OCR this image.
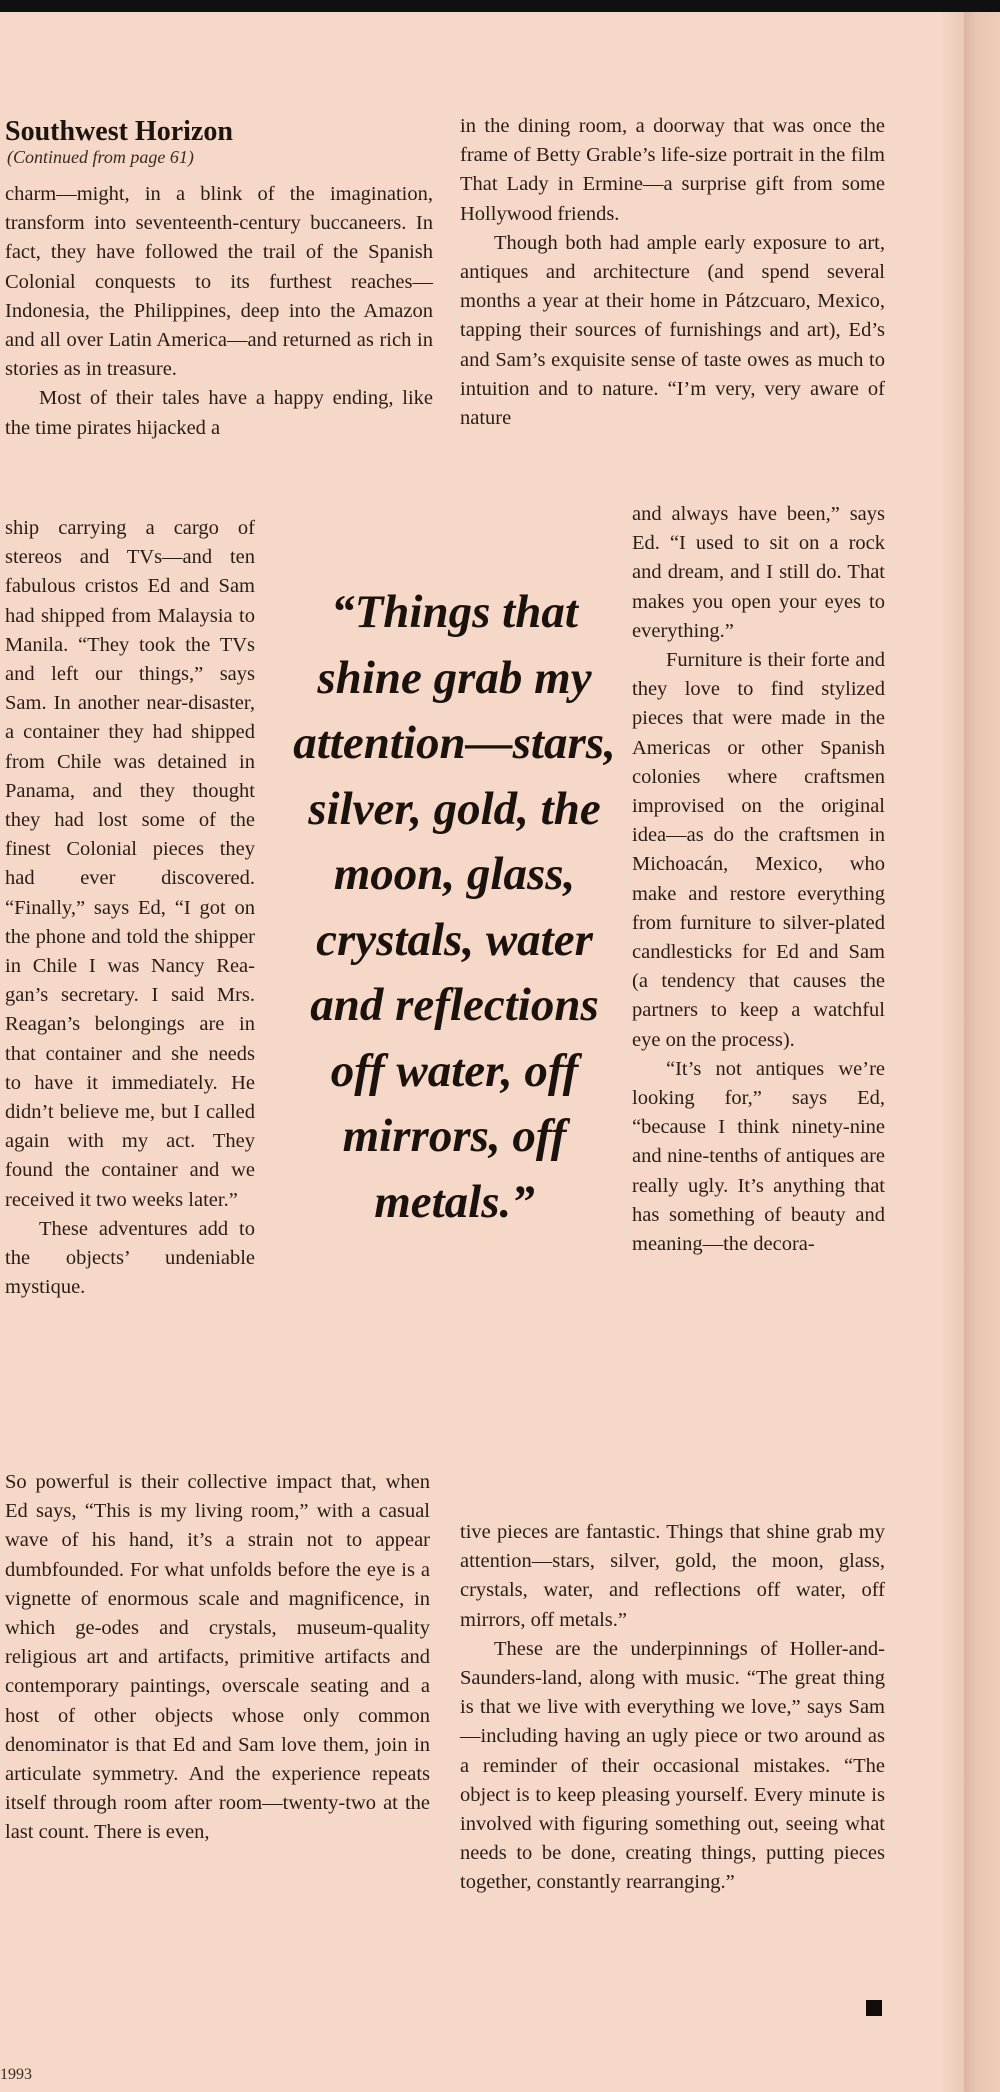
Southwest Horizon
(Continued from page 61)

charm—might, in a blink of the imagination, transform into seventeenth-century buccaneers. In fact, they have followed the trail of the Spanish Colonial conquests to its furthest reaches—Indonesia, the Philippines, deep into the Amazon and all over Latin America—and returned as rich in stories as in treasure.

Most of their tales have a happy ending, like the time pirates hijacked a

ship carrying a cargo of stereos and TVs—and ten fabulous cristos Ed and Sam had shipped from Malaysia to Manila. “They took the TVs and left our things,” says Sam. In another near-disaster, a container they had shipped from Chile was detained in Panama, and they thought they had lost some of the finest Colonial pieces they had ever discovered. “Finally,” says Ed, “I got on the phone and told the shipper in Chile I was Nancy Reagan’s secretary. I said Mrs. Reagan’s belongings are in that container and she needs to have it immediately. He didn’t believe me, but I called again with my act. They found the container and we received it two weeks later.”

These adventures add to the objects’ undeniable mystique.

So powerful is their collective impact that, when Ed says, “This is my living room,” with a casual wave of his hand, it’s a strain not to appear dumbfounded. For what unfolds before the eye is a vignette of enormous scale and magnificence, in which ge-odes and crystals, museum-quality religious art and artifacts, primitive artifacts and contemporary paintings, overscale seating and a host of other objects whose only common denominator is that Ed and Sam love them, join in articulate symmetry. And the experience repeats itself through room after room—twenty-two at the last count. There is even,

“Things that shine grab my attention—stars, silver, gold, the moon, glass, crystals, water and reflections off water, off mirrors, off metals.”

in the dining room, a doorway that was once the frame of Betty Grable’s life-size portrait in the film That Lady in Ermine—a surprise gift from some Hollywood friends.

Though both had ample early exposure to art, antiques and architecture (and spend several months a year at their home in Pátzcuaro, Mexico, tapping their sources of furnishings and art), Ed’s and Sam’s exquisite sense of taste owes as much to intuition and to nature. “I’m very, very aware of nature

and always have been,” says Ed. “I used to sit on a rock and dream, and I still do. That makes you open your eyes to everything.”

Furniture is their forte and they love to find stylized pieces that were made in the Americas or other Spanish colonies where craftsmen improvised on the original idea—as do the craftsmen in Michoacán, Mexico, who make and restore everything from furniture to silver-plated candlesticks for Ed and Sam (a tendency that causes the partners to keep a watchful eye on the process).

“It’s not antiques we’re looking for,” says Ed, “because I think ninety-nine and nine-tenths of antiques are really ugly. It’s anything that has something of beauty and meaning—the decora-

tive pieces are fantastic. Things that shine grab my attention—stars, silver, gold, the moon, glass, crystals, water, and reflections off water, off mirrors, off metals.”

These are the underpinnings of Holler-and-Saunders-land, along with music. “The great thing is that we live with everything we love,” says Sam—including having an ugly piece or two around as a reminder of their occasional mistakes. “The object is to keep pleasing yourself. Every minute is involved with figuring something out, seeing what needs to be done, creating things, putting pieces together, constantly rearranging.”

1993
